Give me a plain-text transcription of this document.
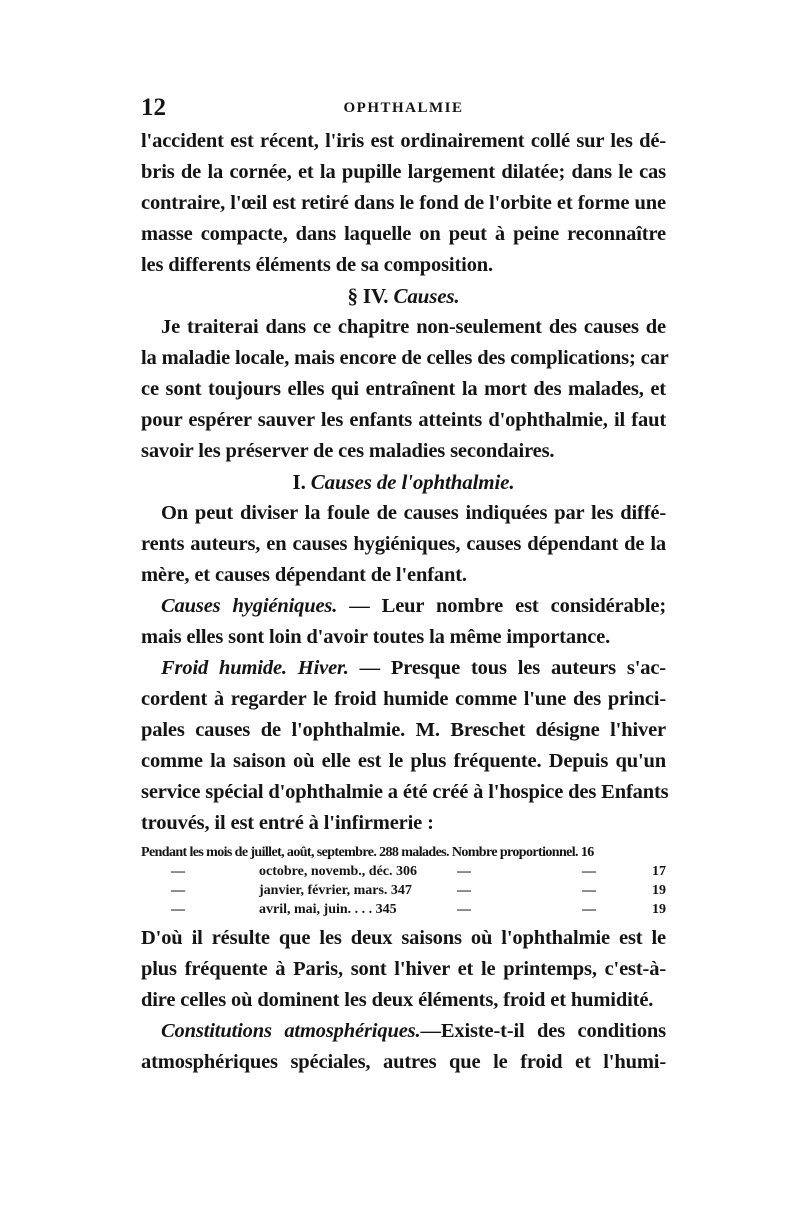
12	OPHTHALMIE
l'accident est récent, l'iris est ordinairement collé sur les dé-
bris de la cornée, et la pupille largement dilatée; dans le cas
contraire, l'œil est retiré dans le fond de l'orbite et forme une
masse compacte, dans laquelle on peut à peine reconnaître
les differents éléments de sa composition.
§ IV. Causes.
Je traiterai dans ce chapitre non-seulement des causes de
la maladie locale, mais encore de celles des complications; car
ce sont toujours elles qui entraînent la mort des malades, et
pour espérer sauver les enfants atteints d'ophthalmie, il faut
savoir les préserver de ces maladies secondaires.
I. Causes de l'ophthalmie.
On peut diviser la foule de causes indiquées par les diffé-
rents auteurs, en causes hygiéniques, causes dépendant de la
mère, et causes dépendant de l'enfant.
Causes hygiéniques. — Leur nombre est considérable;
mais elles sont loin d'avoir toutes la même importance.
Froid humide. Hiver. — Presque tous les auteurs s'ac-
cordent à regarder le froid humide comme l'une des princi-
pales causes de l'ophthalmie. M. Breschet désigne l'hiver
comme la saison où elle est le plus fréquente. Depuis qu'un
service spécial d'ophthalmie a été créé à l'hospice des Enfants
trouvés, il est entré à l'infirmerie :
Pendant les mois de juillet, août, septembre. 288 malades. Nombre proportionnel. 16
—	octobre, novemb., déc. 306	—	—	17
—	janvier, février, mars. 347	—	—	19
—	avril, mai, juin. . . . 345	—	—	19
D'où il résulte que les deux saisons où l'ophthalmie est le
plus fréquente à Paris, sont l'hiver et le printemps, c'est-à-
dire celles où dominent les deux éléments, froid et humidité.
Constitutions atmosphériques.—Existe-t-il des conditions
atmosphériques spéciales, autres que le froid et l'humi-
